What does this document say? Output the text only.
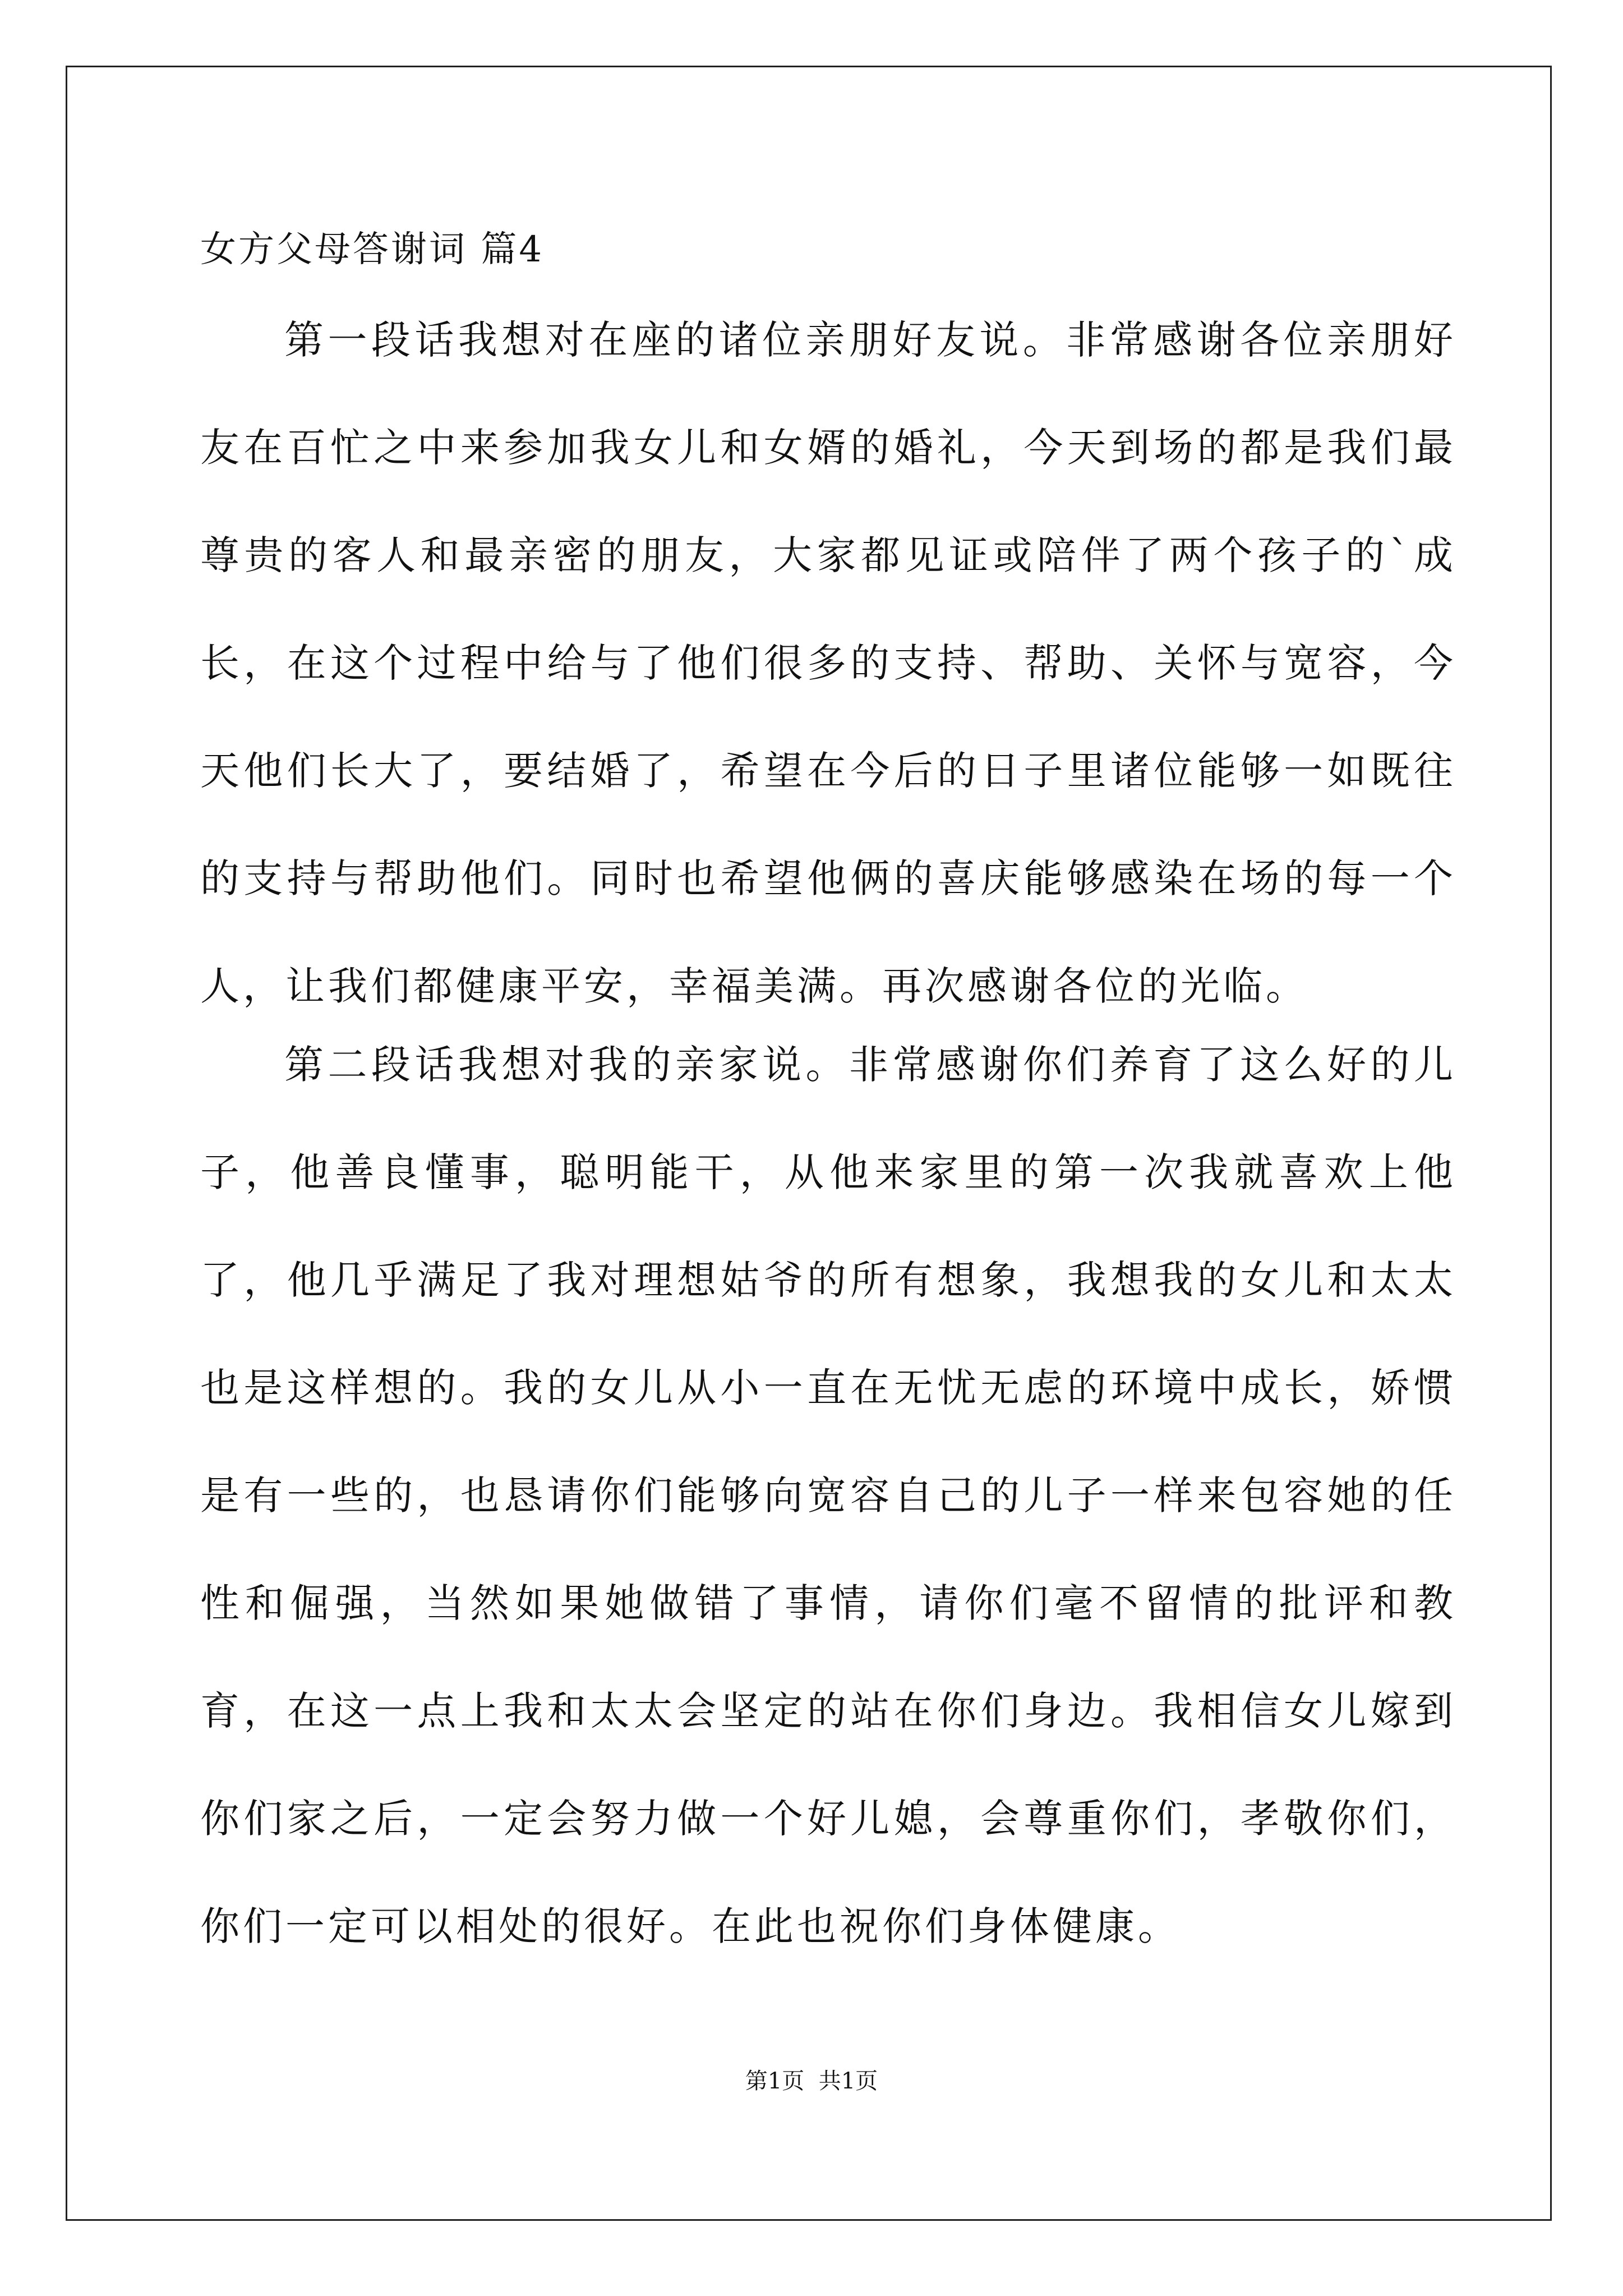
女方父母答谢词 篇4

第一段话我想对在座的诸位亲朋好友说。非常感谢各位亲朋好友在百忙之中来参加我女儿和女婿的婚礼，今天到场的都是我们最尊贵的客人和最亲密的朋友，大家都见证或陪伴了两个孩子的`成长，在这个过程中给与了他们很多的支持、帮助、关怀与宽容，今天他们长大了，要结婚了，希望在今后的日子里诸位能够一如既往的支持与帮助他们。同时也希望他俩的喜庆能够感染在场的每一个人，让我们都健康平安，幸福美满。再次感谢各位的光临。

第二段话我想对我的亲家说。非常感谢你们养育了这么好的儿子，他善良懂事，聪明能干，从他来家里的第一次我就喜欢上他了，他几乎满足了我对理想姑爷的所有想象，我想我的女儿和太太也是这样想的。我的女儿从小一直在无忧无虑的环境中成长，娇惯是有一些的，也恳请你们能够向宽容自己的儿子一样来包容她的任性和倔强，当然如果她做错了事情，请你们毫不留情的批评和教育，在这一点上我和太太会坚定的站在你们身边。我相信女儿嫁到你们家之后，一定会努力做一个好儿媳，会尊重你们，孝敬你们，你们一定可以相处的很好。在此也祝你们身体健康。

第1页  共1页
